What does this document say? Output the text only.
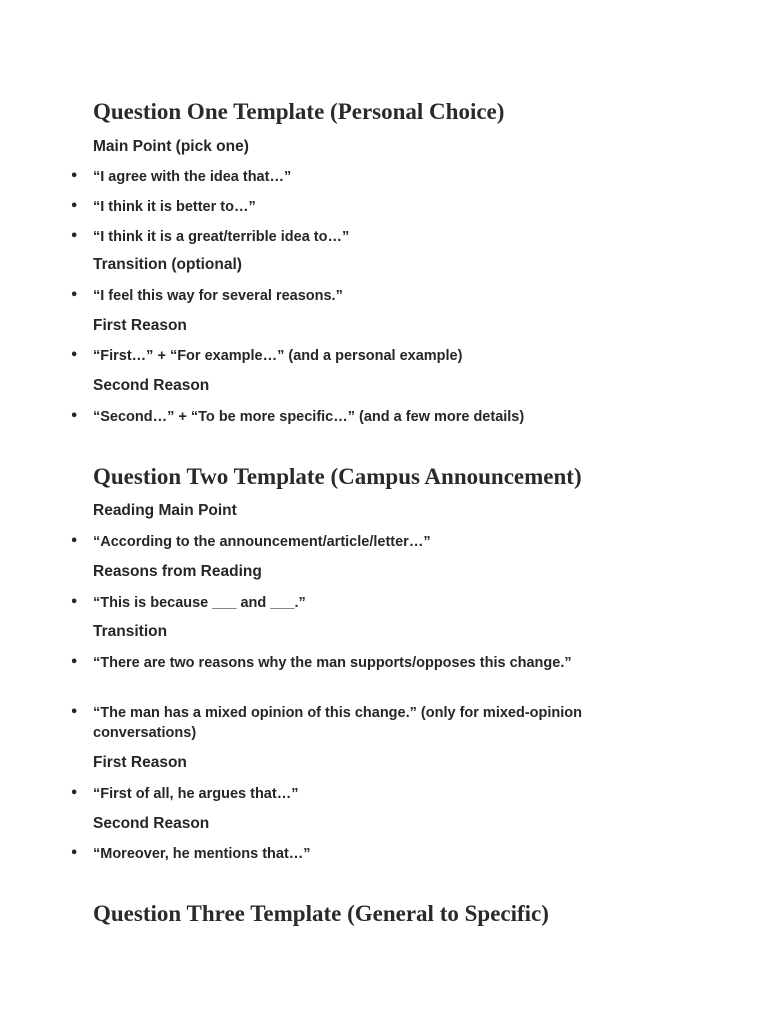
Question One Template (Personal Choice)
Main Point (pick one)
• “I agree with the idea that…”
• “I think it is better to…”
• “I think it is a great/terrible idea to…”
Transition (optional)
• “I feel this way for several reasons.”
First Reason
• “First…” + “For example…” (and a personal example)
Second Reason
• “Second…” + “To be more specific…” (and a few more details)
Question Two Template (Campus Announcement)
Reading Main Point
• “According to the announcement/article/letter…”
Reasons from Reading
• “This is because ___ and ___.”
Transition
• “There are two reasons why the man supports/opposes this change.”
• “The man has a mixed opinion of this change.” (only for mixed-opinion conversations)
First Reason
• “First of all, he argues that…”
Second Reason
• “Moreover, he mentions that…”
Question Three Template (General to Specific)
